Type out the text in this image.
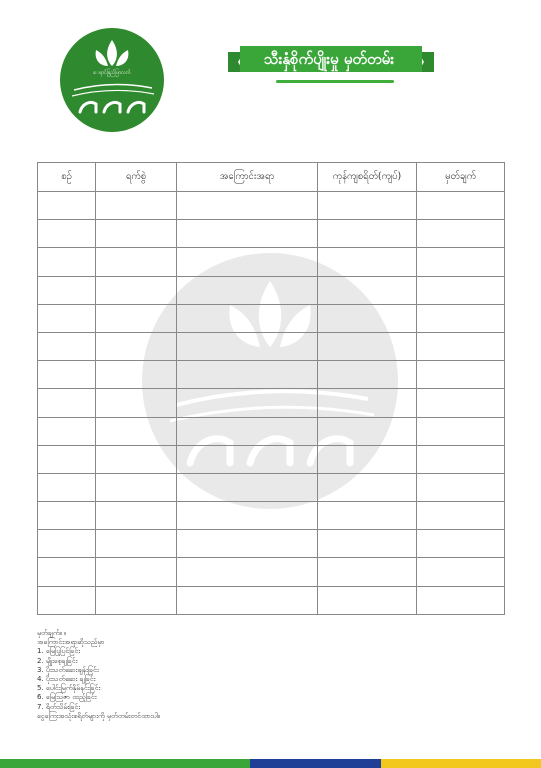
ေရာင်ခြည်ဖြာလက်
သီးနှံစိုက်ပျိုးမှု မှတ်တမ်း
စဉ်	ရက်စွဲ	အကြောင်းအရာ	ကုန်ကျစရိတ်(ကျပ်)	မှတ်ချက်

မှတ်ချက်။ ။
အကြောင်းအရာဆိုသည်မှာ
1. မြေပြုပြင်ခြင်း
2. မျိုးစေ့ချခြင်း
3. ပိုးသတ်ဆေးဖျန်းခြင်း
4. ပိုးသတ်ဆေး ချခြင်း
5. ပေါင်းမြက်နှိမ်နင်းခြင်း
6. မြေသြဇာ ထည့်ခြင်း
7. ရိတ်သိမ်းခြင်း
ငွေကြေးအသုံးစရိတ်များကို မှတ်တမ်းတင်ထားပါ။
